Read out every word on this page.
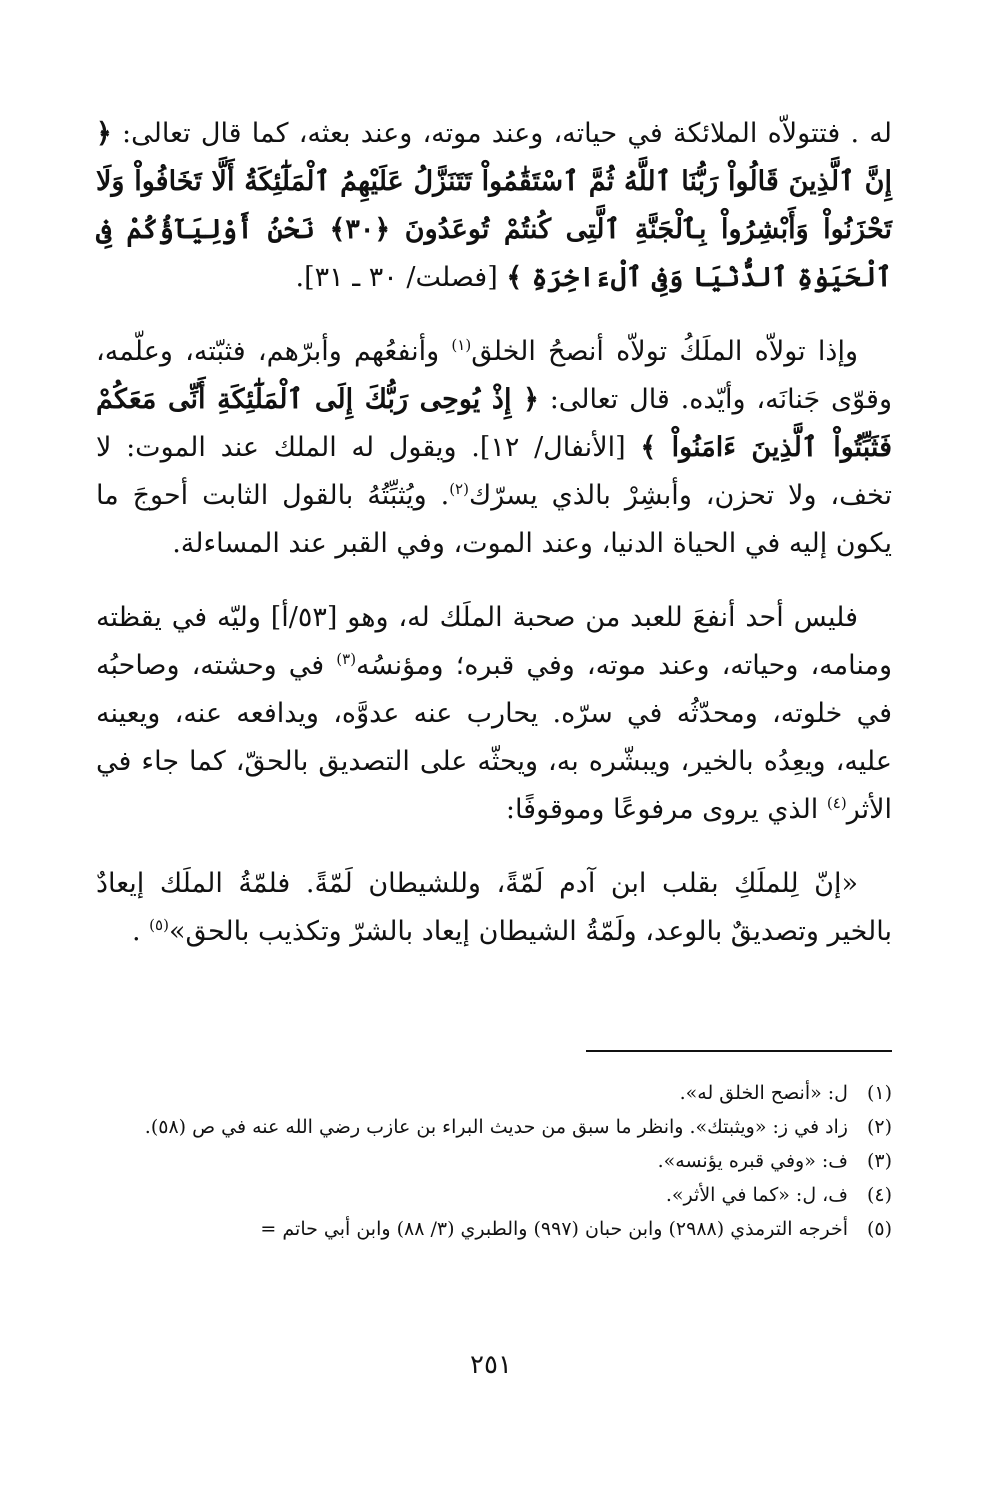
له . فتتولاّه الملائكة في حياته، وعند موته، وعند بعثه، كما قال تعالى: ﴿ إِنَّ ٱلَّذِينَ قَالُواْ رَبُّنَا ٱللَّهُ ثُمَّ ٱسْتَقَٰمُواْ تَتَنَزَّلُ عَلَيْهِمُ ٱلْمَلَٰٓئِكَةُ أَلَّا تَخَافُواْ وَلَا تَحْزَنُواْ وَأَبْشِرُواْ بِٱلْجَنَّةِ ٱلَّتِى كُنتُمْ تُوعَدُونَ ﴿٣٠﴾ نَحْنُ أَوْلِيَآؤُكُمْ فِى ٱلْحَيَوٰةِ ٱلدُّنْيَا وَفِى ٱلْءَاخِرَةِ ﴾ [فصلت/ ٣٠ ـ ٣١].

وإذا تولاّه الملَكُ تولاّه أنصحُ الخلق$^{(١)}$ وأنفعُهم وأبرّهم، فثبّته، وعلّمه، وقوّى جَنانَه، وأيّده. قال تعالى: ﴿ إِذْ يُوحِى رَبُّكَ إِلَى ٱلْمَلَٰٓئِكَةِ أَنِّى مَعَكُمْ فَثَبِّتُواْ ٱلَّذِينَ ءَامَنُواْ ﴾ [الأنفال/ ١٢]. ويقول له الملك عند الموت: لا تخف، ولا تحزن، وأبشِرْ بالذي يسرّك$^{(٢)}$. ويُثبِّتُهُ بالقول الثابت أحوجَ ما يكون إليه في الحياة الدنيا، وعند الموت، وفي القبر عند المساءلة.

فليس أحد أنفعَ للعبد من صحبة الملَك له، وهو [٥٣/أ] وليّه في يقظته ومنامه، وحياته، وعند موته، وفي قبره؛ ومؤنسُه$^{(٣)}$ في وحشته، وصاحبُه في خلوته، ومحدّثُه في سرّه. يحارب عنه عدوَّه، ويدافعه عنه، ويعينه عليه، ويعِدُه بالخير، ويبشّره به، ويحثّه على التصديق بالحقّ، كما جاء في الأثر$^{(٤)}$ الذي يروى مرفوعًا وموقوفًا:

«إنّ لِلملَكِ بقلب ابن آدم لَمّةً، وللشيطان لَمّةً. فلمّةُ الملَك إيعادٌ بالخير وتصديقٌ بالوعد، ولَمّةُ الشيطان إيعاد بالشرّ وتكذيب بالحق»$^{(٥)}$ .

(١)
ل: «أنصح الخلق له».
(٢)
زاد في ز: «ويثبتك». وانظر ما سبق من حديث البراء بن عازب رضي الله عنه في ص (٥٨).
(٣)
ف: «وفي قبره يؤنسه».
(٤)
ف، ل: «كما في الأثر».
(٥)
أخرجه الترمذي (٢٩٨٨) وابن حبان (٩٩٧) والطبري (٣/ ٨٨) وابن أبي حاتم =
٢٥١
